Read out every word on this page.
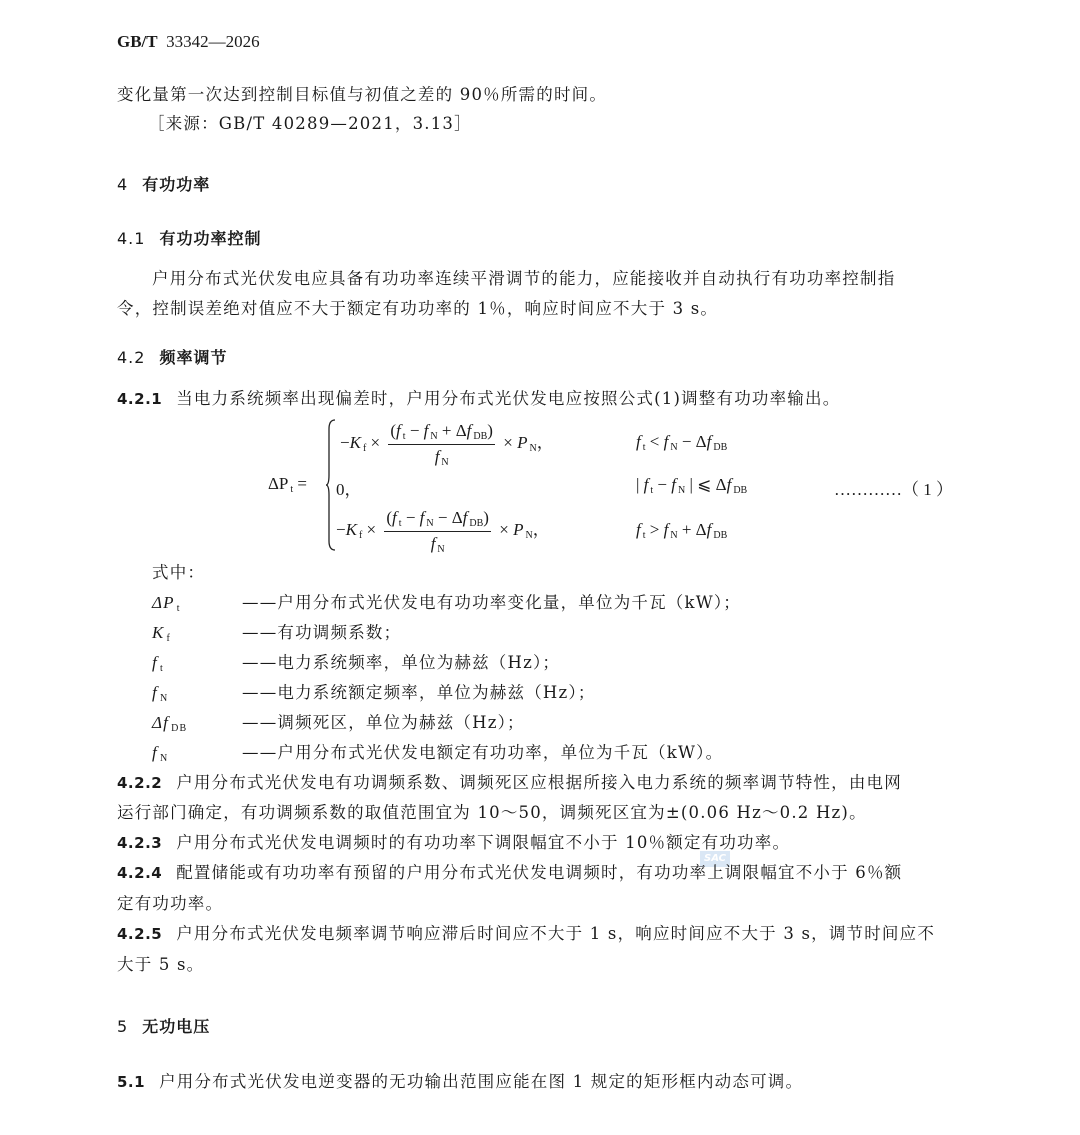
GB/T 33342—2026
变化量第一次达到控制目标值与初值之差的 90％所需的时间。
［来源：GB/T 40289—2021，3.13］
4 有功功率
4.1 有功功率控制
户用分布式光伏发电应具备有功功率连续平滑调节的能力，应能接收并自动执行有功功率控制指
令，控制误差绝对值应不大于额定有功功率的 1％，响应时间应不大于 3 s。
4.2 频率调节
4.2.1 当电力系统频率出现偏差时，户用分布式光伏发电应按照公式(1)调整有功功率输出。
ΔP $_t$ =
−K $_f \times \frac{(f _t - f _N + \Delta f _{DB})}{f _N} \times P$ $_N$，	f $_t$ < f $_N$ − Δf $_{DB}$
0，	| f $_t$ − f $_N$ | ⩽ Δf $_{DB}$	…………（ 1 ）
−K $_f \times \frac{(f _t - f _N - \Delta f _{DB})}{f _N} \times P$ $_N$，	f $_t$ > f $_N$ + Δf $_{DB}$
式中：
ΔP $_t$	——户用分布式光伏发电有功功率变化量，单位为千瓦（kW）；
K $_f$	——有功调频系数；
f $_t$	——电力系统频率，单位为赫兹（Hz）；
f $_N$	——电力系统额定频率，单位为赫兹（Hz）；
Δf $_{DB}$	——调频死区，单位为赫兹（Hz）；
f $_N$	——户用分布式光伏发电额定有功功率，单位为千瓦（kW）。
4.2.2 户用分布式光伏发电有功调频系数、调频死区应根据所接入电力系统的频率调节特性，由电网
运行部门确定，有功调频系数的取值范围宜为 10～50，调频死区宜为±(0.06 Hz～0.2 Hz)。
4.2.3 户用分布式光伏发电调频时的有功功率下调限幅宜不小于 10％额定有功功率。
SAC
4.2.4 配置储能或有功功率有预留的户用分布式光伏发电调频时，有功功率上调限幅宜不小于 6％额
定有功功率。
4.2.5 户用分布式光伏发电频率调节响应滞后时间应不大于 1 s，响应时间应不大于 3 s，调节时间应不
大于 5 s。
5 无功电压
5.1 户用分布式光伏发电逆变器的无功输出范围应能在图 1 规定的矩形框内动态可调。
